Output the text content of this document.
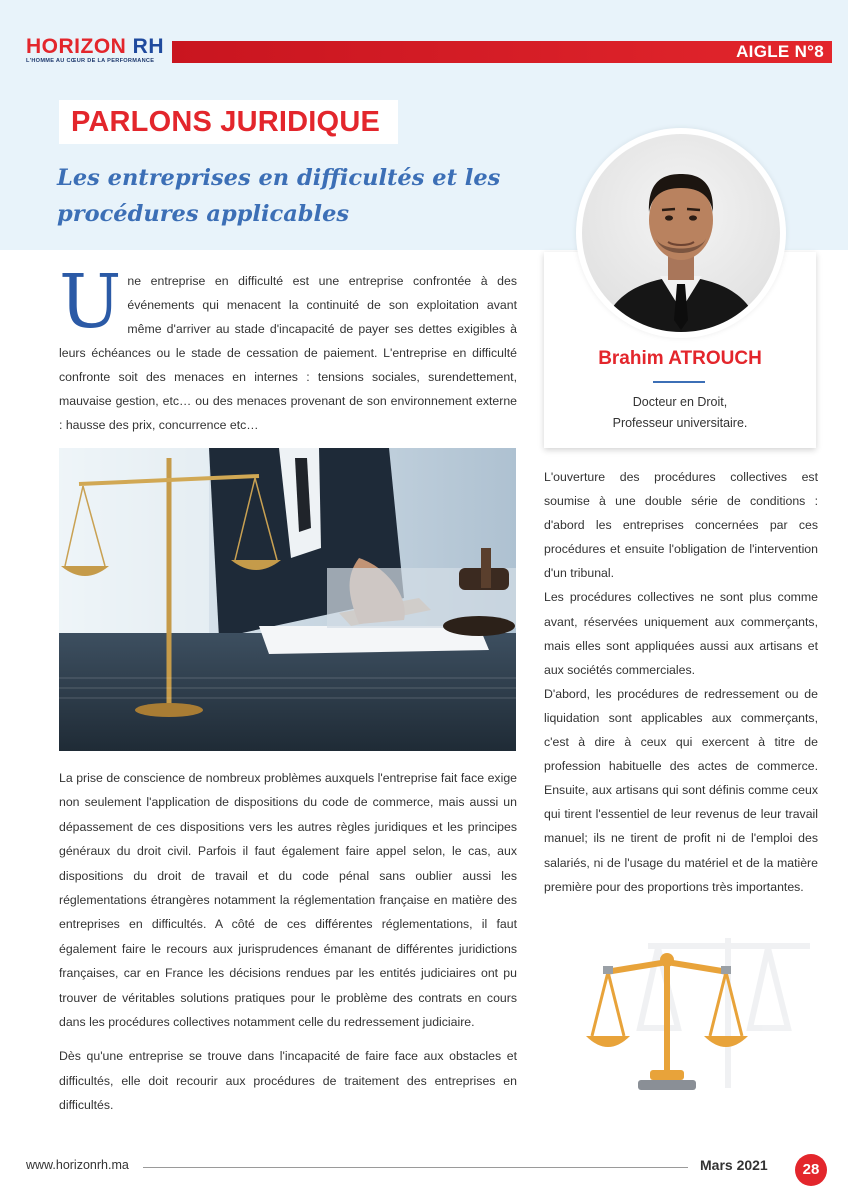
HORIZON RH
L'HOMME AU CŒUR DE LA PERFORMANCE	AIGLE N°8
PARLONS JURIDIQUE
Les entreprises en difficultés et les procédures applicables
Brahim ATROUCH
Docteur en Droit,
Professeur universitaire.
Une entreprise en difficulté est une entreprise confrontée à des événements qui menacent la continuité de son exploitation avant même d'arriver au stade d'incapacité de payer ses dettes exigibles à leurs échéances ou le stade de cessation de paiement. L'entreprise en difficulté confronte soit des menaces en internes : tensions sociales, surendettement, mauvaise gestion, etc… ou des menaces provenant de son environnement externe : hausse des prix, concurrence etc…

La prise de conscience de nombreux problèmes auxquels l'entreprise fait face exige non seulement l'application de dispositions du code de commerce, mais aussi un dépassement de ces dispositions vers les autres règles juridiques et les principes généraux du droit civil. Parfois il faut également faire appel selon, le cas, aux dispositions du droit de travail et du code pénal sans oublier aussi les réglementations étrangères notamment la réglementation française en matière des entreprises en difficultés. A côté de ces différentes réglementations, il faut également faire le recours aux jurisprudences émanant de différentes juridictions françaises, car en France les décisions rendues par les entités judiciaires ont pu trouver de véritables solutions pratiques pour le problème des contrats en cours dans les procédures collectives notamment celle du redressement judiciaire.

Dès qu'une entreprise se trouve dans l'incapacité de faire face aux obstacles et difficultés, elle doit recourir aux procédures de traitement des entreprises en difficultés.

L'ouverture des procédures collectives est soumise à une double série de conditions : d'abord les entreprises concernées par ces procédures et ensuite l'obligation de l'intervention d'un tribunal.

Les procédures collectives ne sont plus comme avant, réservées uniquement aux commerçants, mais elles sont appliquées aussi aux artisans et aux sociétés commerciales.

D'abord, les procédures de redressement ou de liquidation sont applicables aux commerçants, c'est à dire à ceux qui exercent à titre de profession habituelle des actes de commerce. Ensuite, aux artisans qui sont définis comme ceux qui tirent l'essentiel de leur revenus de leur travail manuel; ils ne tirent de profit ni de l'emploi des salariés, ni de l'usage du matériel et de la matière première pour des proportions très importantes.

www.horizonrh.ma	Mars 2021	28
